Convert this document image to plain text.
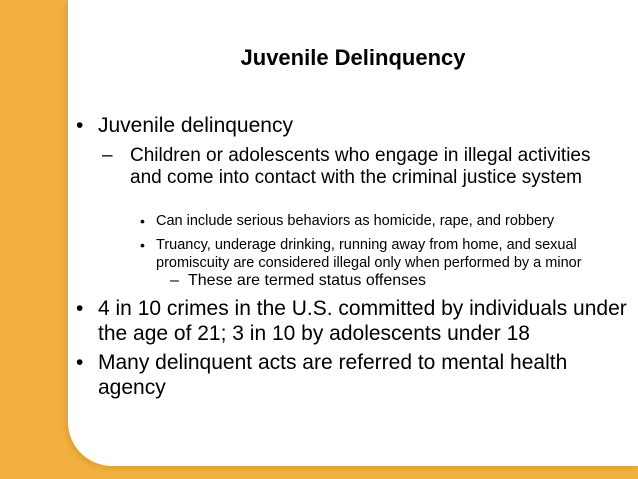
Juvenile Delinquency
• Juvenile delinquency
– Children or adolescents who engage in illegal activities and come into contact with the criminal justice system
• Can include serious behaviors as homicide, rape, and robbery
• Truancy, underage drinking, running away from home, and sexual promiscuity are considered illegal only when performed by a minor
– These are termed status offenses
• 4 in 10 crimes in the U.S. committed by individuals under the age of 21; 3 in 10 by adolescents under 18
• Many delinquent acts are referred to mental health agency
